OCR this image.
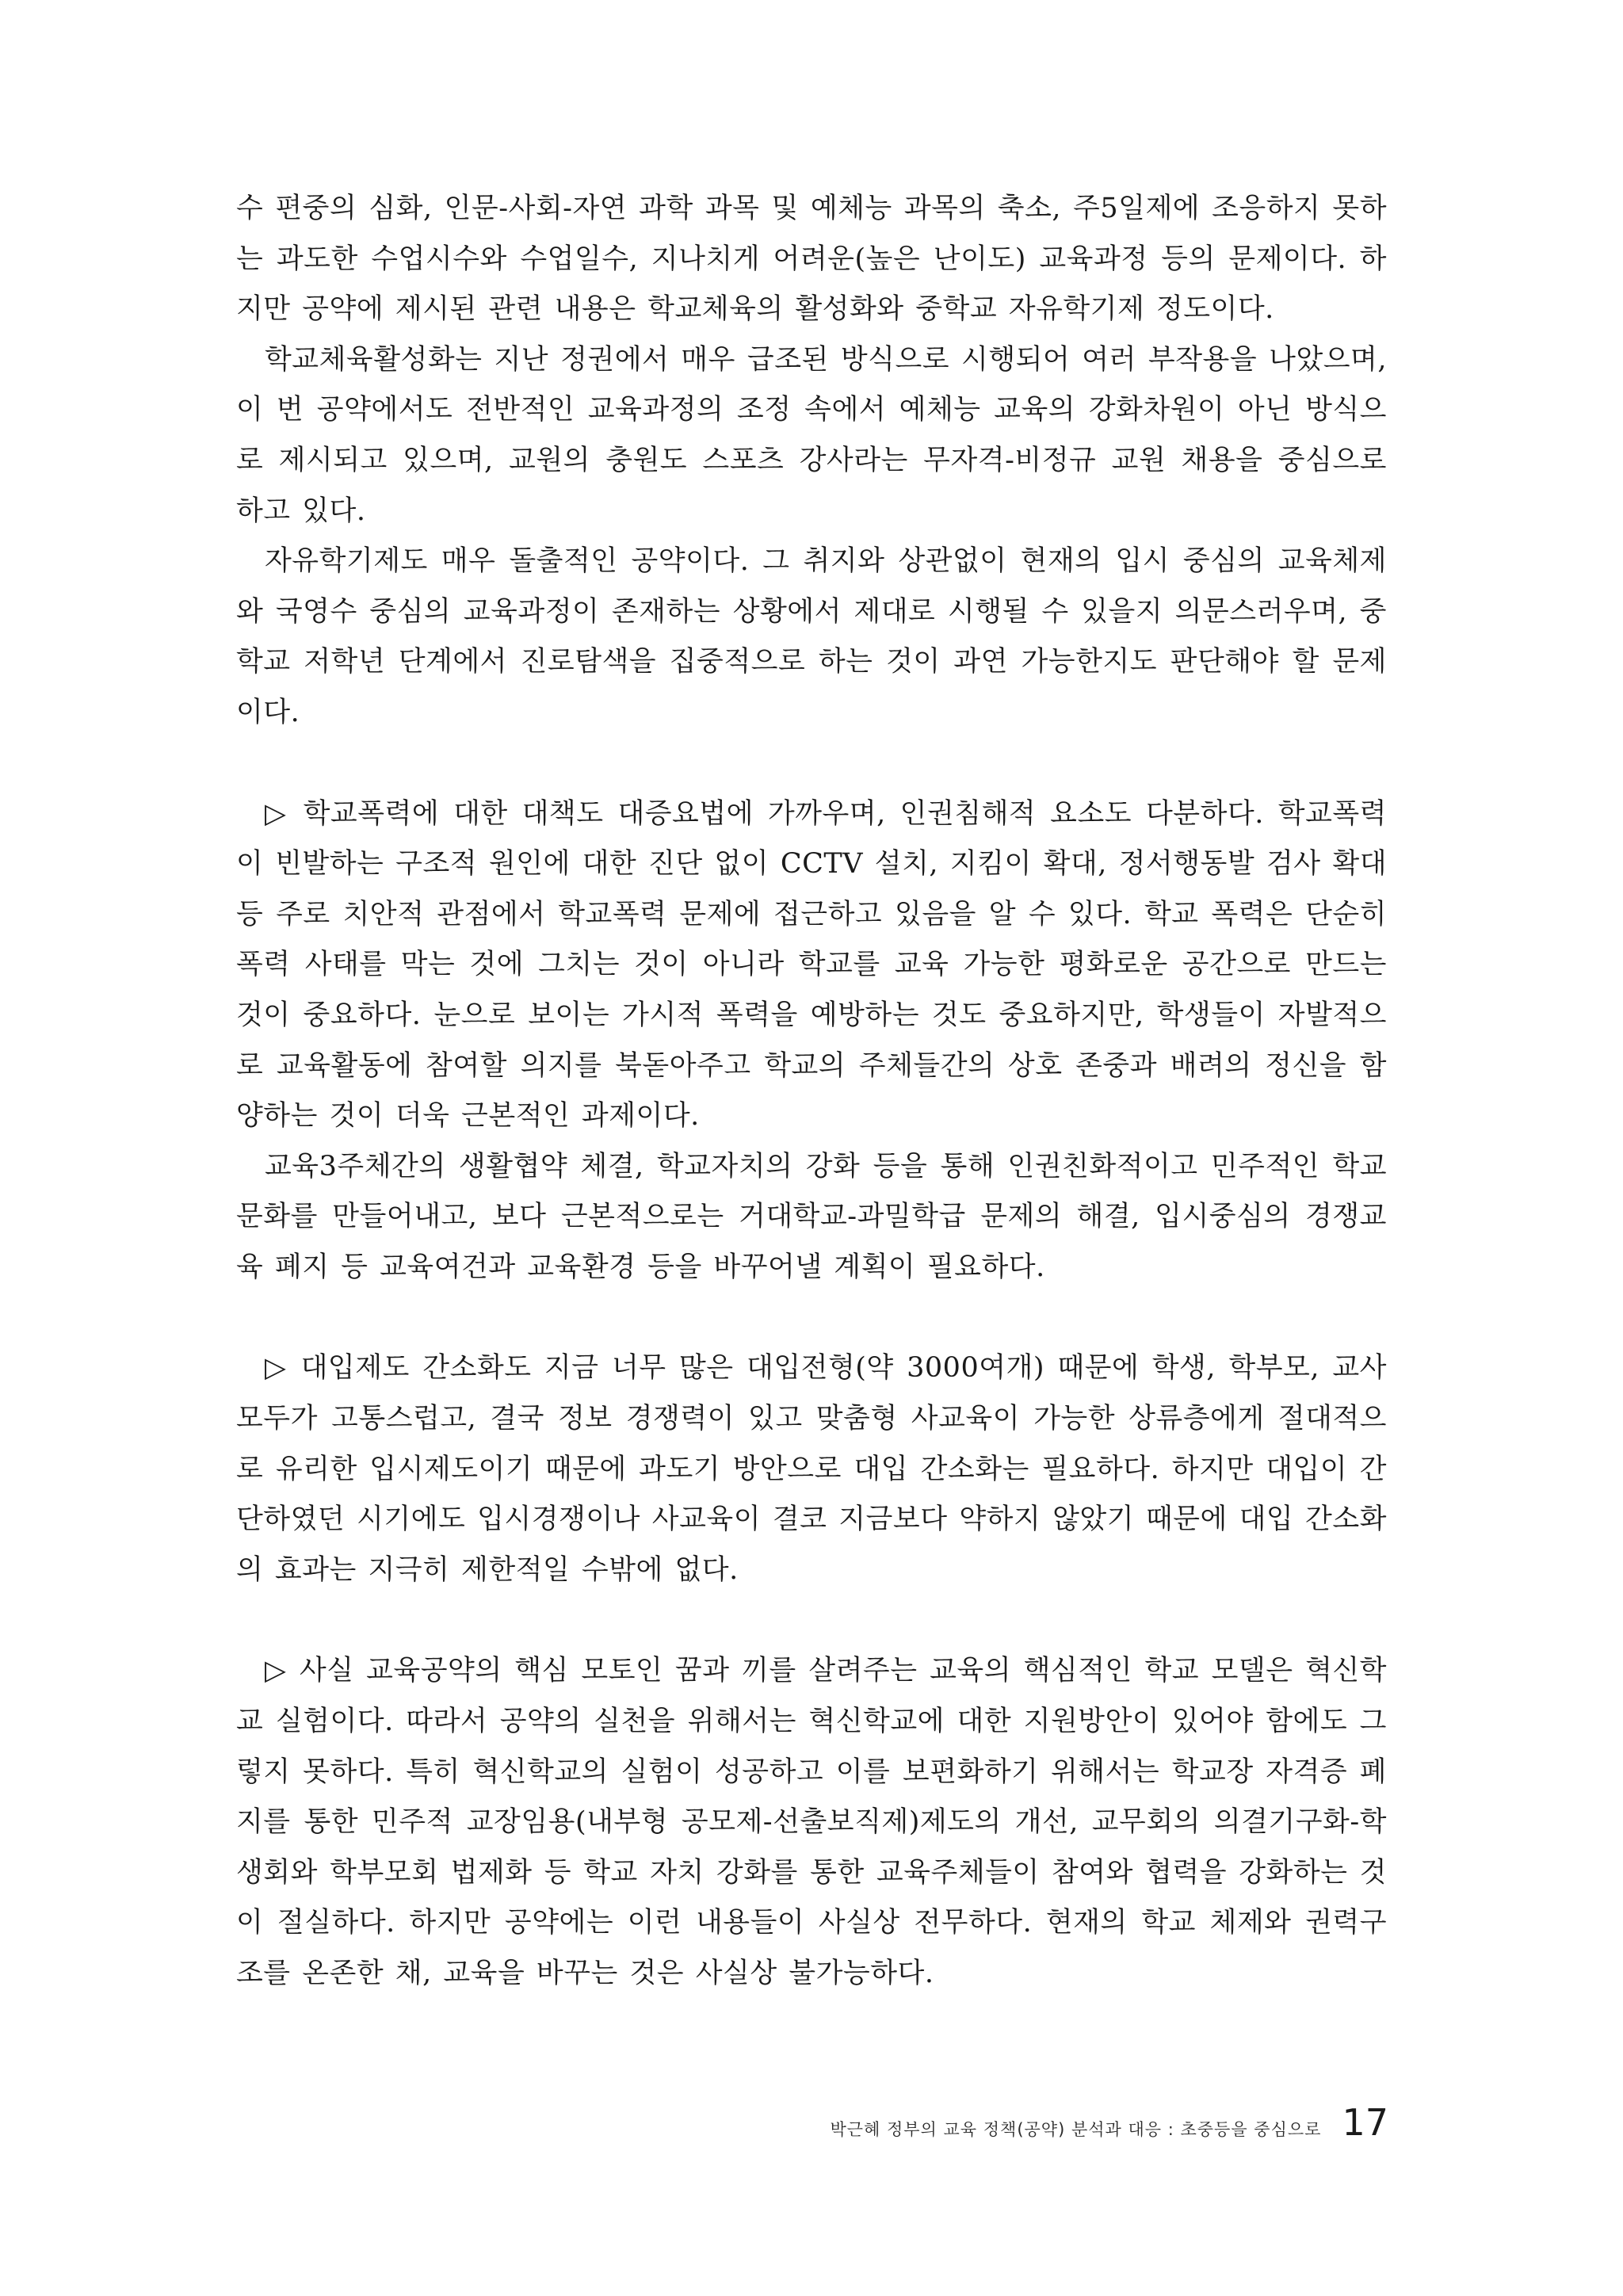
수 편중의 심화, 인문-사회-자연 과학 과목 및 예체능 과목의 축소, 주5일제에 조응하지 못하는 과도한 수업시수와 수업일수, 지나치게 어려운(높은 난이도) 교육과정 등의 문제이다. 하지만 공약에 제시된 관련 내용은 학교체육의 활성화와 중학교 자유학기제 정도이다.

학교체육활성화는 지난 정권에서 매우 급조된 방식으로 시행되어 여러 부작용을 나았으며, 이 번 공약에서도 전반적인 교육과정의 조정 속에서 예체능 교육의 강화차원이 아닌 방식으로 제시되고 있으며, 교원의 충원도 스포츠 강사라는 무자격-비정규 교원 채용을 중심으로 하고 있다.

자유학기제도 매우 돌출적인 공약이다. 그 취지와 상관없이 현재의 입시 중심의 교육체제와 국영수 중심의 교육과정이 존재하는 상황에서 제대로 시행될 수 있을지 의문스러우며, 중학교 저학년 단계에서 진로탐색을 집중적으로 하는 것이 과연 가능한지도 판단해야 할 문제이다.

▷ 학교폭력에 대한 대책도 대증요법에 가까우며, 인권침해적 요소도 다분하다. 학교폭력이 빈발하는 구조적 원인에 대한 진단 없이 CCTV 설치, 지킴이 확대, 정서행동발 검사 확대 등 주로 치안적 관점에서 학교폭력 문제에 접근하고 있음을 알 수 있다. 학교 폭력은 단순히 폭력 사태를 막는 것에 그치는 것이 아니라 학교를 교육 가능한 평화로운 공간으로 만드는 것이 중요하다. 눈으로 보이는 가시적 폭력을 예방하는 것도 중요하지만, 학생들이 자발적으로 교육활동에 참여할 의지를 북돋아주고 학교의 주체들간의 상호 존중과 배려의 정신을 함양하는 것이 더욱 근본적인 과제이다.

교육3주체간의 생활협약 체결, 학교자치의 강화 등을 통해 인권친화적이고 민주적인 학교문화를 만들어내고, 보다 근본적으로는 거대학교-과밀학급 문제의 해결, 입시중심의 경쟁교육 폐지 등 교육여건과 교육환경 등을 바꾸어낼 계획이 필요하다.

▷ 대입제도 간소화도 지금 너무 많은 대입전형(약 3000여개) 때문에 학생, 학부모, 교사 모두가 고통스럽고, 결국 정보 경쟁력이 있고 맞춤형 사교육이 가능한 상류층에게 절대적으로 유리한 입시제도이기 때문에 과도기 방안으로 대입 간소화는 필요하다. 하지만 대입이 간단하였던 시기에도 입시경쟁이나 사교육이 결코 지금보다 약하지 않았기 때문에 대입 간소화의 효과는 지극히 제한적일 수밖에 없다.

▷ 사실 교육공약의 핵심 모토인 꿈과 끼를 살려주는 교육의 핵심적인 학교 모델은 혁신학교 실험이다. 따라서 공약의 실천을 위해서는 혁신학교에 대한 지원방안이 있어야 함에도 그렇지 못하다. 특히 혁신학교의 실험이 성공하고 이를 보편화하기 위해서는 학교장 자격증 폐지를 통한 민주적 교장임용(내부형 공모제-선출보직제)제도의 개선, 교무회의 의결기구화-학생회와 학부모회 법제화 등 학교 자치 강화를 통한 교육주체들이 참여와 협력을 강화하는 것이 절실하다. 하지만 공약에는 이런 내용들이 사실상 전무하다. 현재의 학교 체제와 권력구조를 온존한 채, 교육을 바꾸는 것은 사실상 불가능하다.

박근혜 정부의 교육 정책(공약) 분석과 대응 : 초중등을 중심으로 17
